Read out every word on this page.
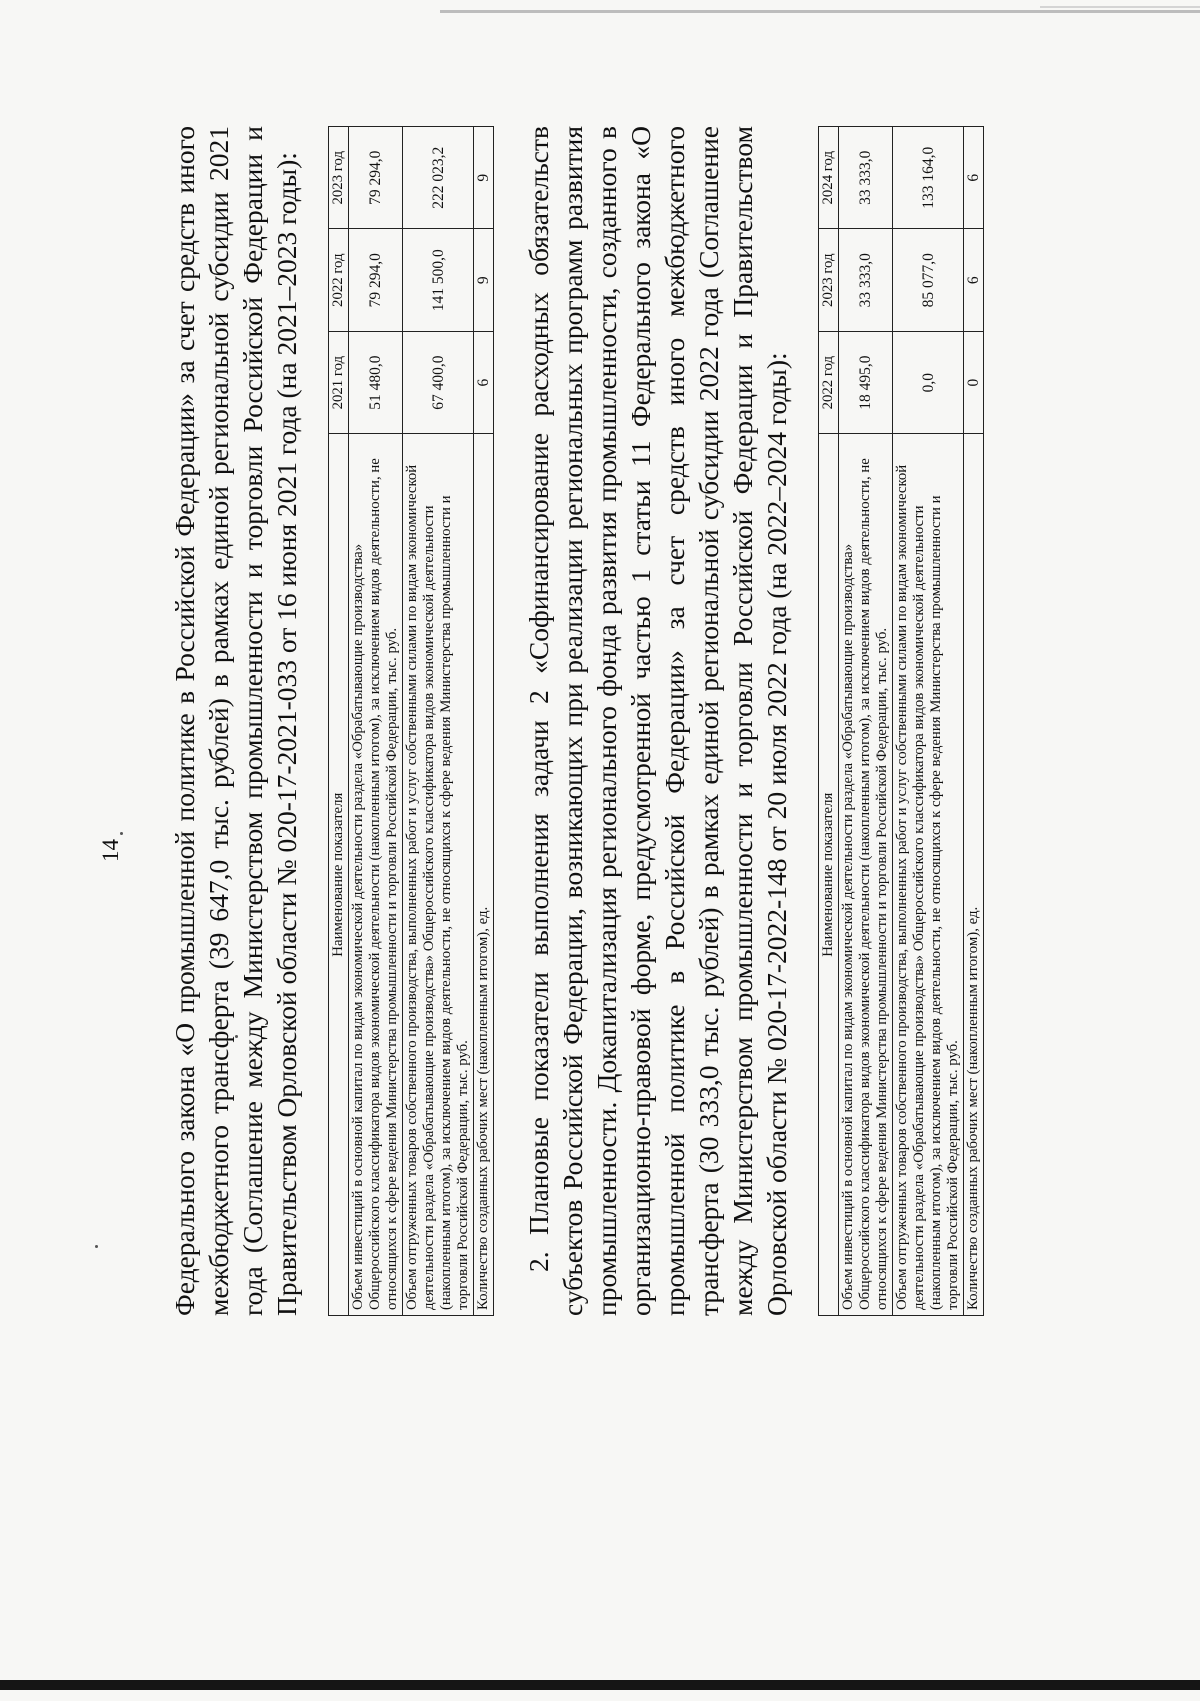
14 Федерального закона «О промышленной политике в Российской Федерации» за счет средств иного межбюджетного трансферта (39 647,0 тыс. рублей) в рамках единой региональной субсидии 2021 года (Соглашение между Министерством промышленности и торговли Российской Федерации и Правительством Орловской области № 020-17-2021-033 от 16 июня 2021 года (на 2021–2023 годы): Наименование показателя	2021 год	2022 год	2023 год
Объем инвестиций в основной капитал по видам экономической деятельности раздела «Обрабатывающие производства» Общероссийского классификатора видов экономической деятельности (накопленным итогом), за исключением видов деятельности, не относящихся к сфере ведения Министерства промышленности и торговли Российской Федерации, тыс. руб.	51 480,0	79 294,0	79 294,0
Объем отгруженных товаров собственного производства, выполненных работ и услуг собственными силами по видам экономической деятельности раздела «Обрабатывающие производства» Общероссийского классификатора видов экономической деятельности (накопленным итогом), за исключением видов деятельности, не относящихся к сфере ведения Министерства промышленности и торговли Российской Федерации, тыс. руб.	67 400,0	141 500,0	222 023,2
Количество созданных рабочих мест (накопленным итогом), ед.	6	9	9 2. Плановые показатели выполнения задачи 2 «Софинансирование расходных обязательств субъектов Российской Федерации, возникающих при реализации региональных программ развития промышленности. Докапитализация регионального фонда развития промышленности, созданного в организационно-правовой форме, предусмотренной частью 1 статьи 11 Федерального закона «О промышленной политике в Российской Федерации» за счет средств иного межбюджетного трансферта (30 333,0 тыс. рублей) в рамках единой региональной субсидии 2022 года (Соглашение между Министерством промышленности и торговли Российской Федерации и Правительством Орловской области № 020-17-2022-148 от 20 июля 2022 года (на 2022–2024 годы): Наименование показателя	2022 год	2023 год	2024 год
Объем инвестиций в основной капитал по видам экономической деятельности раздела «Обрабатывающие производства» Общероссийского классификатора видов экономической деятельности (накопленным итогом), за исключением видов деятельности, не относящихся к сфере ведения Министерства промышленности и торговли Российской Федерации, тыс. руб.	18 495,0	33 333,0	33 333,0
Объем отгруженных товаров собственного производства, выполненных работ и услуг собственными силами по видам экономической деятельности раздела «Обрабатывающие производства» Общероссийского классификатора видов экономической деятельности (накопленным итогом), за исключением видов деятельности, не относящихся к сфере ведения Министерства промышленности и торговли Российской Федерации, тыс. руб.	0,0	85 077,0	133 164,0
Количество созданных рабочих мест (накопленным итогом), ед.	0	6	6
